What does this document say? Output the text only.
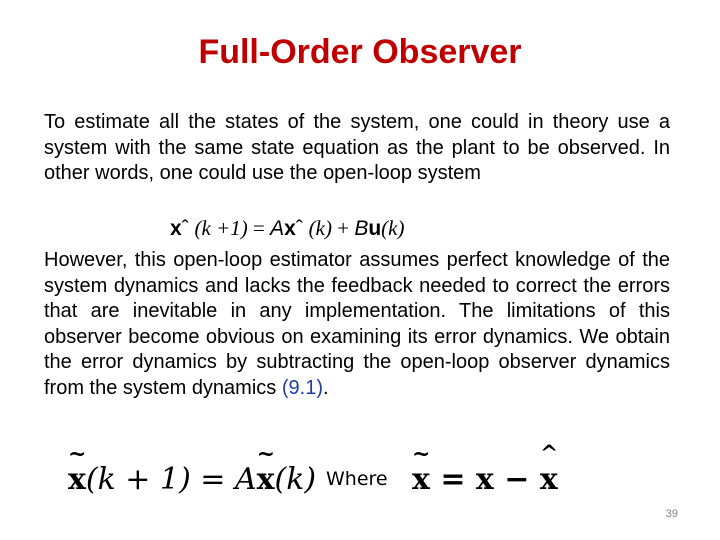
Full-Order Observer

To estimate all the states of the system, one could in theory use a system with the same state equation as the plant to be observed. In other words, one could use the open-loop system

xˆ (k +1) = Axˆ (k) + Bu(k)

However, this open-loop estimator assumes perfect knowledge of the system dynamics and lacks the feedback needed to correct the errors that are inevitable in any implementation. The limitations of this observer become obvious on examining its error dynamics. We obtain the error dynamics by subtracting the open-loop observer dynamics from the system dynamics (9.1).

~
x(k + 1) = A
~
x(k) Where
~
x = x −
^
x
39
